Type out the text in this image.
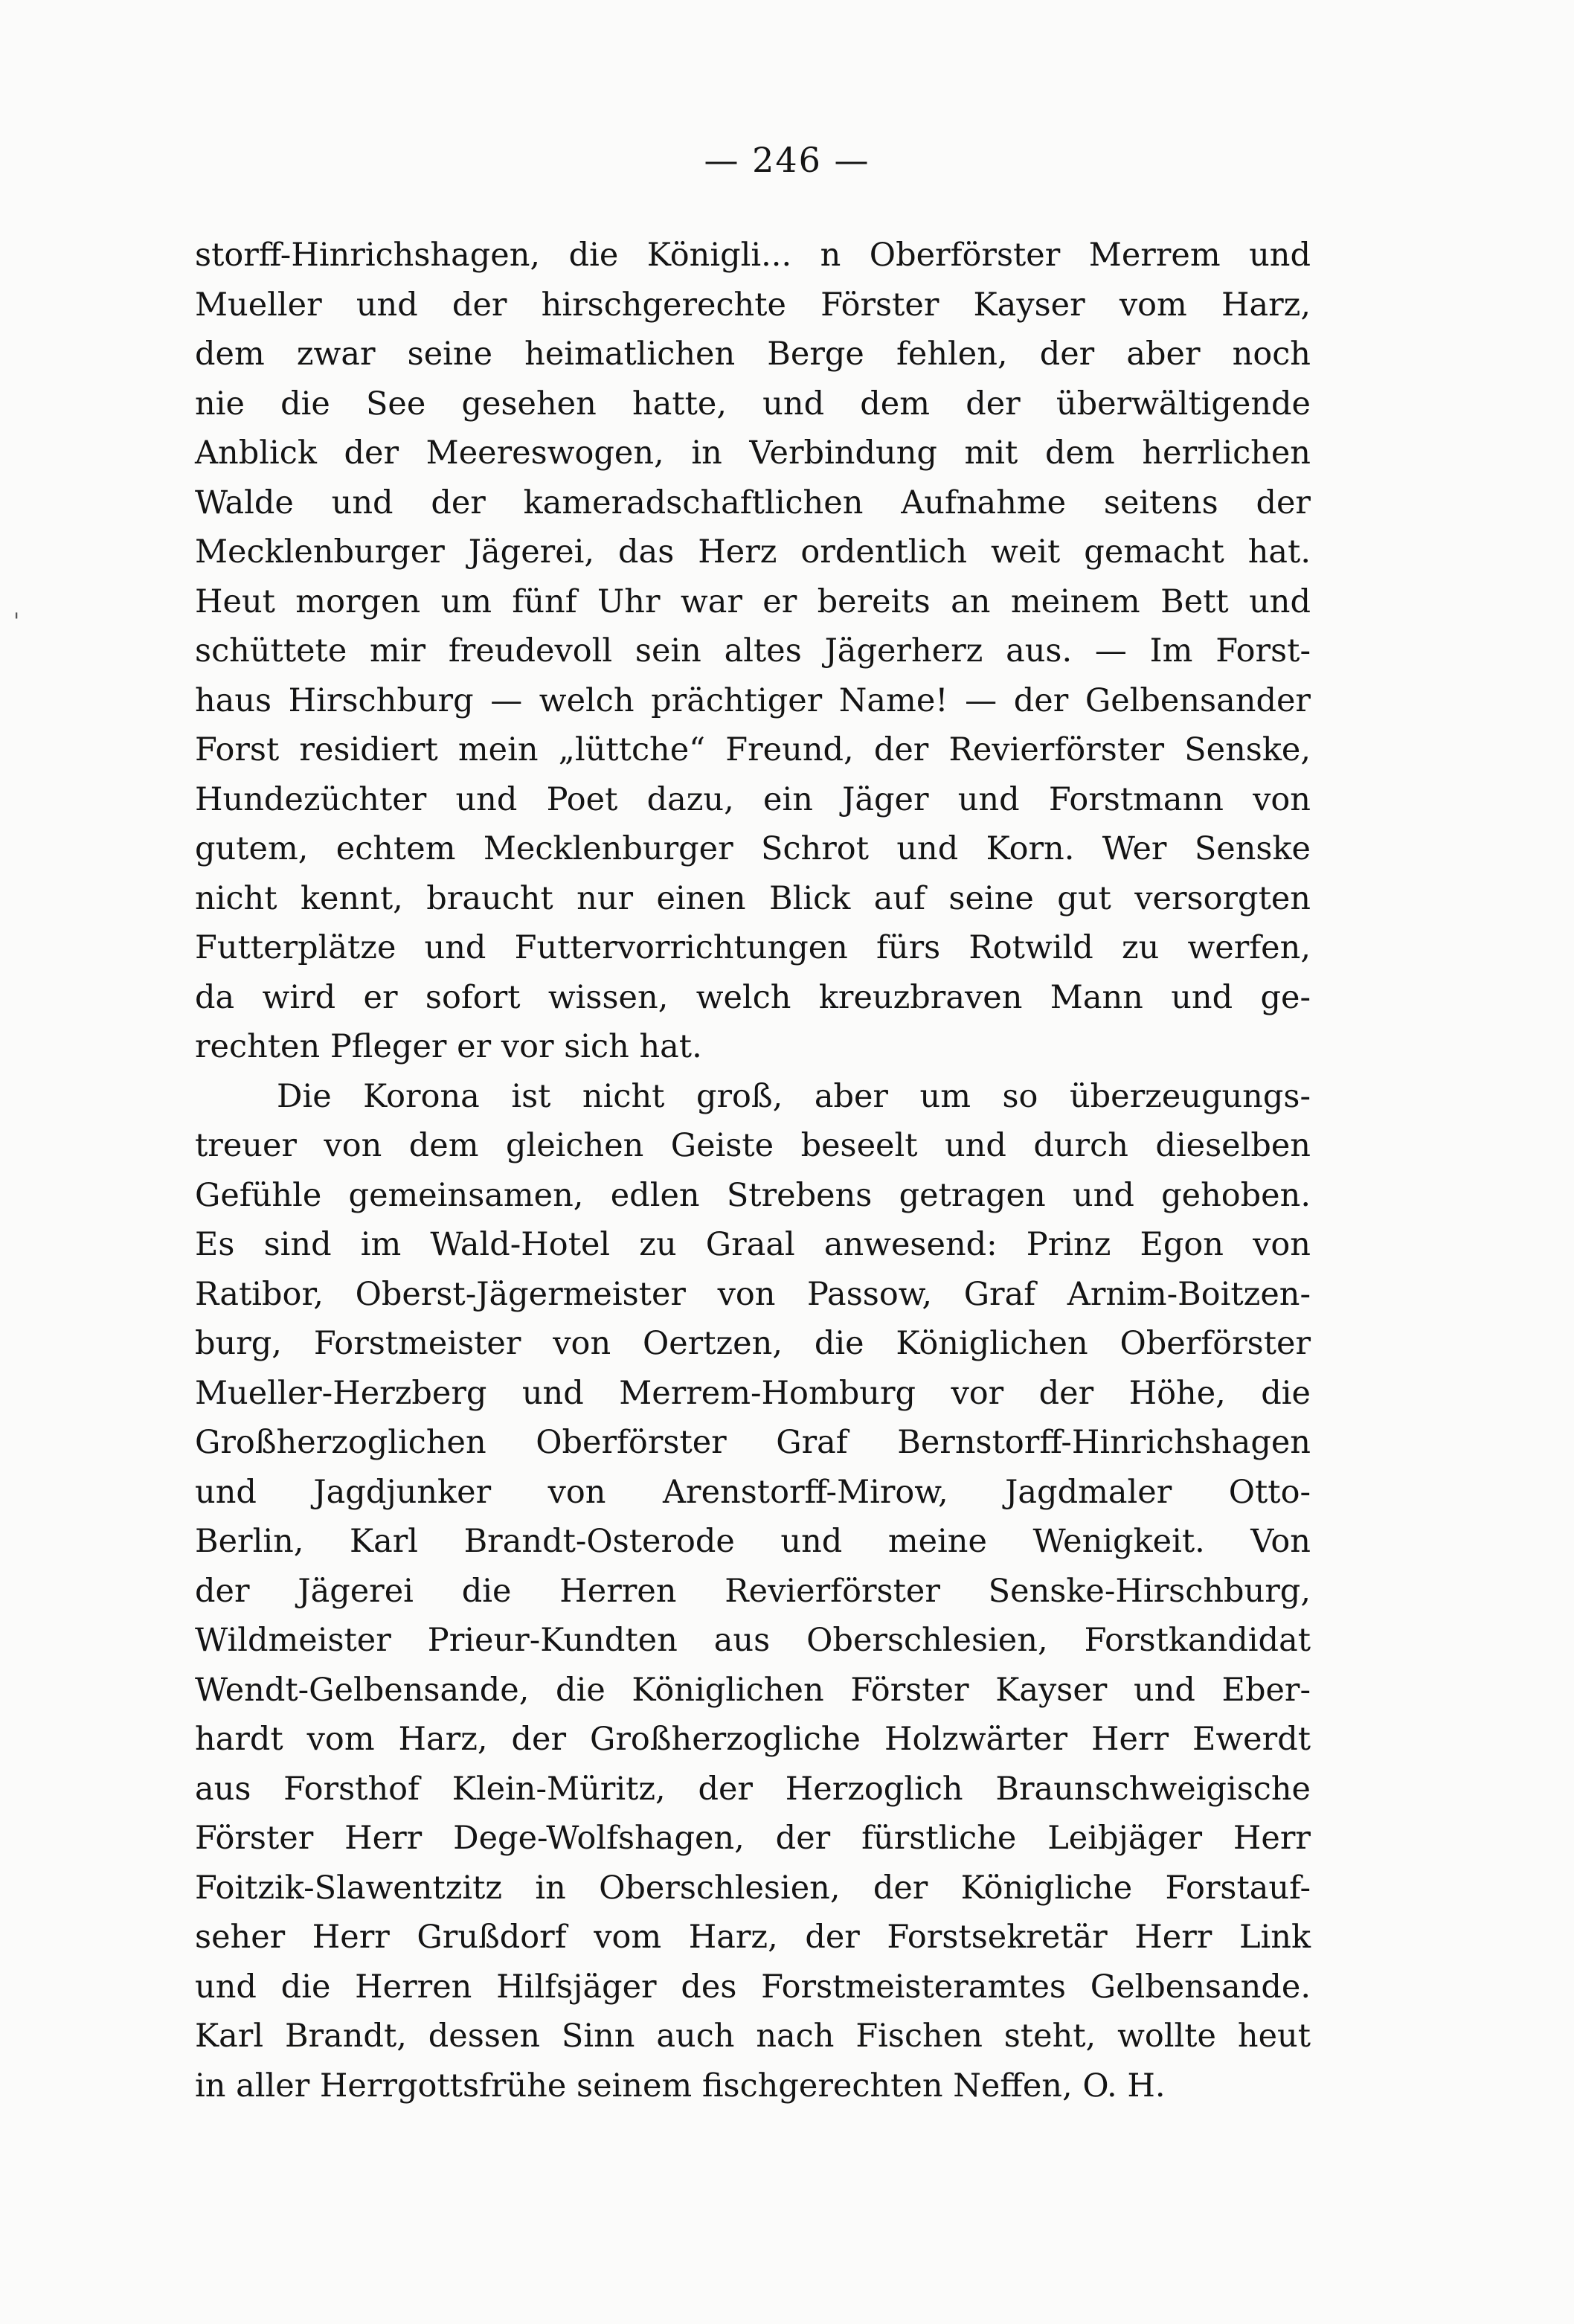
— 246 —
'
storff-Hinrichshagen, die Königli... n Oberförster Merrem und
Mueller und der hirschgerechte Förster Kayser vom Harz,
dem zwar seine heimatlichen Berge fehlen, der aber noch
nie die See gesehen hatte, und dem der überwältigende
Anblick der Meereswogen, in Verbindung mit dem herrlichen
Walde und der kameradschaftlichen Aufnahme seitens der
Mecklenburger Jägerei, das Herz ordentlich weit gemacht hat.
Heut morgen um fünf Uhr war er bereits an meinem Bett und
schüttete mir freudevoll sein altes Jägerherz aus. — Im Forst-
haus Hirschburg — welch prächtiger Name! — der Gelbensander
Forst residiert mein „lüttche“ Freund, der Revierförster Senske,
Hundezüchter und Poet dazu, ein Jäger und Forstmann von
gutem, echtem Mecklenburger Schrot und Korn. Wer Senske
nicht kennt, braucht nur einen Blick auf seine gut versorgten
Futterplätze und Futtervorrichtungen fürs Rotwild zu werfen,
da wird er sofort wissen, welch kreuzbraven Mann und ge-
rechten Pfleger er vor sich hat.
Die Korona ist nicht groß, aber um so überzeugungs-
treuer von dem gleichen Geiste beseelt und durch dieselben
Gefühle gemeinsamen, edlen Strebens getragen und gehoben.
Es sind im Wald-Hotel zu Graal anwesend: Prinz Egon von
Ratibor, Oberst-Jägermeister von Passow, Graf Arnim-Boitzen-
burg, Forstmeister von Oertzen, die Königlichen Oberförster
Mueller-Herzberg und Merrem-Homburg vor der Höhe, die
Großherzoglichen Oberförster Graf Bernstorff-Hinrichshagen
und Jagdjunker von Arenstorff-Mirow, Jagdmaler Otto-
Berlin, Karl Brandt-Osterode und meine Wenigkeit. Von
der Jägerei die Herren Revierförster Senske-Hirschburg,
Wildmeister Prieur-Kundten aus Oberschlesien, Forstkandidat
Wendt-Gelbensande, die Königlichen Förster Kayser und Eber-
hardt vom Harz, der Großherzogliche Holzwärter Herr Ewerdt
aus Forsthof Klein-Müritz, der Herzoglich Braunschweigische
Förster Herr Dege-Wolfshagen, der fürstliche Leibjäger Herr
Foitzik-Slawentzitz in Oberschlesien, der Königliche Forstauf-
seher Herr Grußdorf vom Harz, der Forstsekretär Herr Link
und die Herren Hilfsjäger des Forstmeisteramtes Gelbensande.
Karl Brandt, dessen Sinn auch nach Fischen steht, wollte heut
in aller Herrgottsfrühe seinem fischgerechten Neffen, O. H.
